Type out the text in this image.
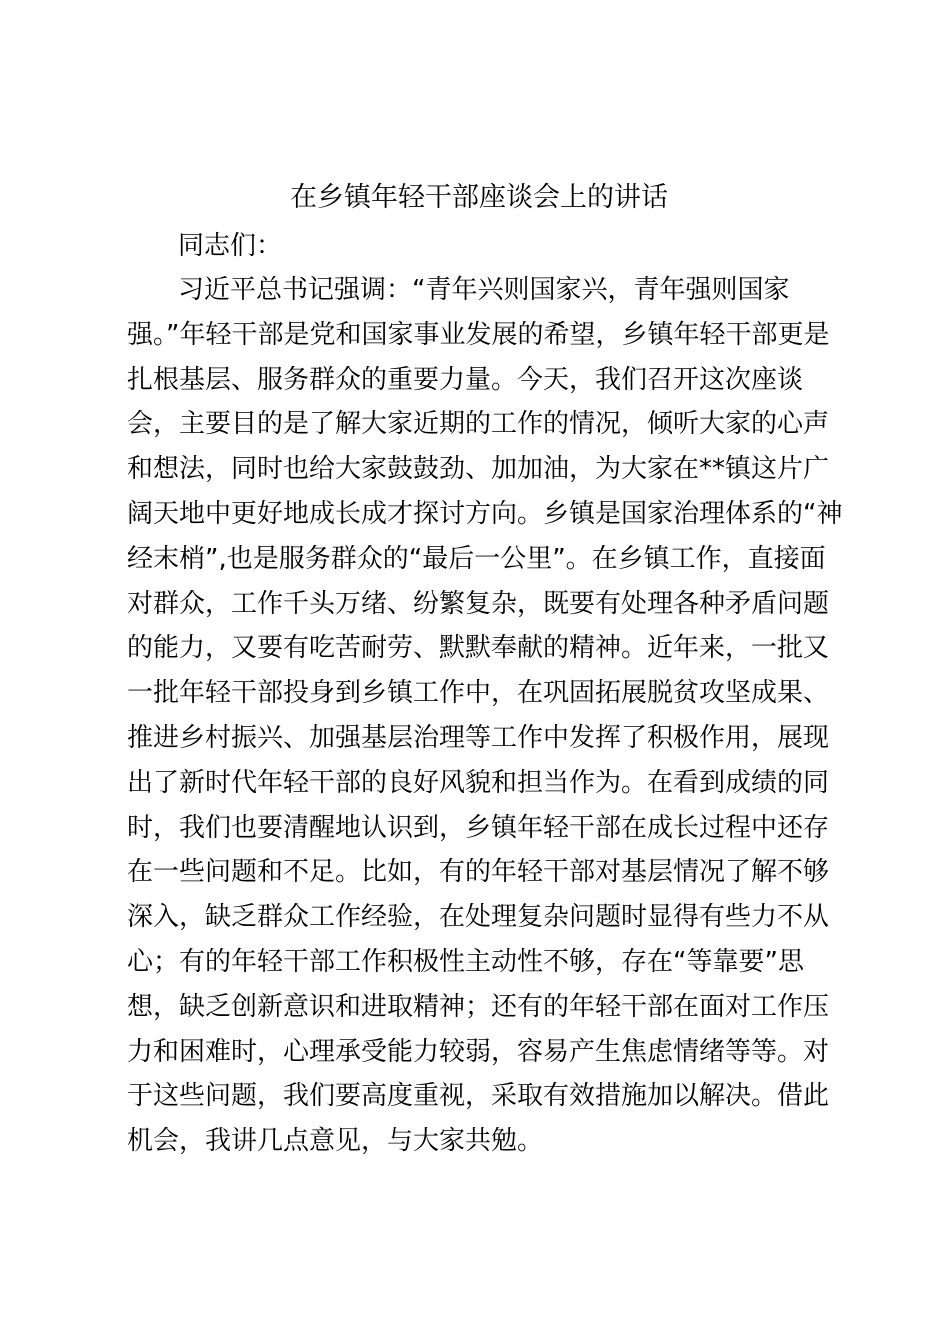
在乡镇年轻干部座谈会上的讲话

同志们：

　　习近平总书记强调：“青年兴则国家兴，青年强则国家
强。”年轻干部是党和国家事业发展的希望，乡镇年轻干部更是
扎根基层、服务群众的重要力量。今天，我们召开这次座谈
会，主要目的是了解大家近期的工作的情况，倾听大家的心声
和想法，同时也给大家鼓鼓劲、加加油，为大家在**镇这片广
阔天地中更好地成长成才探讨方向。乡镇是国家治理体系的“神
经末梢”,也是服务群众的“最后一公里”。在乡镇工作，直接面
对群众，工作千头万绪、纷繁复杂，既要有处理各种矛盾问题
的能力，又要有吃苦耐劳、默默奉献的精神。近年来，一批又
一批年轻干部投身到乡镇工作中，在巩固拓展脱贫攻坚成果、
推进乡村振兴、加强基层治理等工作中发挥了积极作用，展现
出了新时代年轻干部的良好风貌和担当作为。在看到成绩的同
时，我们也要清醒地认识到，乡镇年轻干部在成长过程中还存
在一些问题和不足。比如，有的年轻干部对基层情况了解不够
深入，缺乏群众工作经验，在处理复杂问题时显得有些力不从
心；有的年轻干部工作积极性主动性不够，存在“等靠要”思
想，缺乏创新意识和进取精神；还有的年轻干部在面对工作压
力和困难时，心理承受能力较弱，容易产生焦虑情绪等等。对
于这些问题，我们要高度重视，采取有效措施加以解决。借此
机会，我讲几点意见，与大家共勉。
